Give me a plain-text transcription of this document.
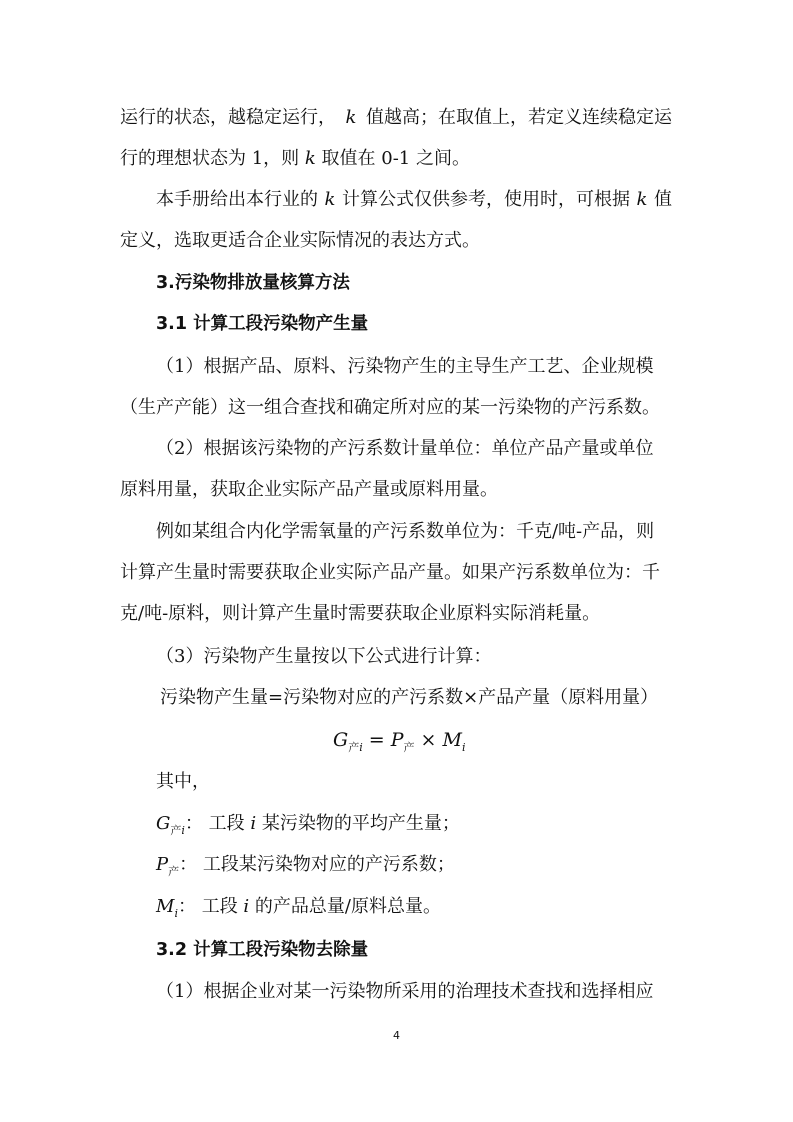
运行的状态，越稳定运行， k 值越高；在取值上，若定义连续稳定运
行的理想状态为 1，则 k 取值在 0-1 之间。
本手册给出本行业的 k 计算公式仅供参考，使用时，可根据 k 值
定义，选取更适合企业实际情况的表达方式。
3.污染物排放量核算方法
3.1 计算工段污染物产生量
（1）根据产品、原料、污染物产生的主导生产工艺、企业规模
（生产产能）这一组合查找和确定所对应的某一污染物的产污系数。
（2）根据该污染物的产污系数计量单位：单位产品产量或单位
原料用量，获取企业实际产品产量或原料用量。
例如某组合内化学需氧量的产污系数单位为：千克/吨-产品，则
计算产生量时需要获取企业实际产品产量。如果产污系数单位为：千
克/吨-原料，则计算产生量时需要获取企业原料实际消耗量。
（3）污染物产生量按以下公式进行计算：
污染物产生量=污染物对应的产污系数×产品产量（原料用量）
$G_{产i} = P_产 \times M_i$
其中，
$G_{产i}$： 工段 i 某污染物的平均产生量；
$P_产$： 工段某污染物对应的产污系数；
$M_i$： 工段 i 的产品总量/原料总量。
3.2 计算工段污染物去除量
（1）根据企业对某一污染物所采用的治理技术查找和选择相应
4
